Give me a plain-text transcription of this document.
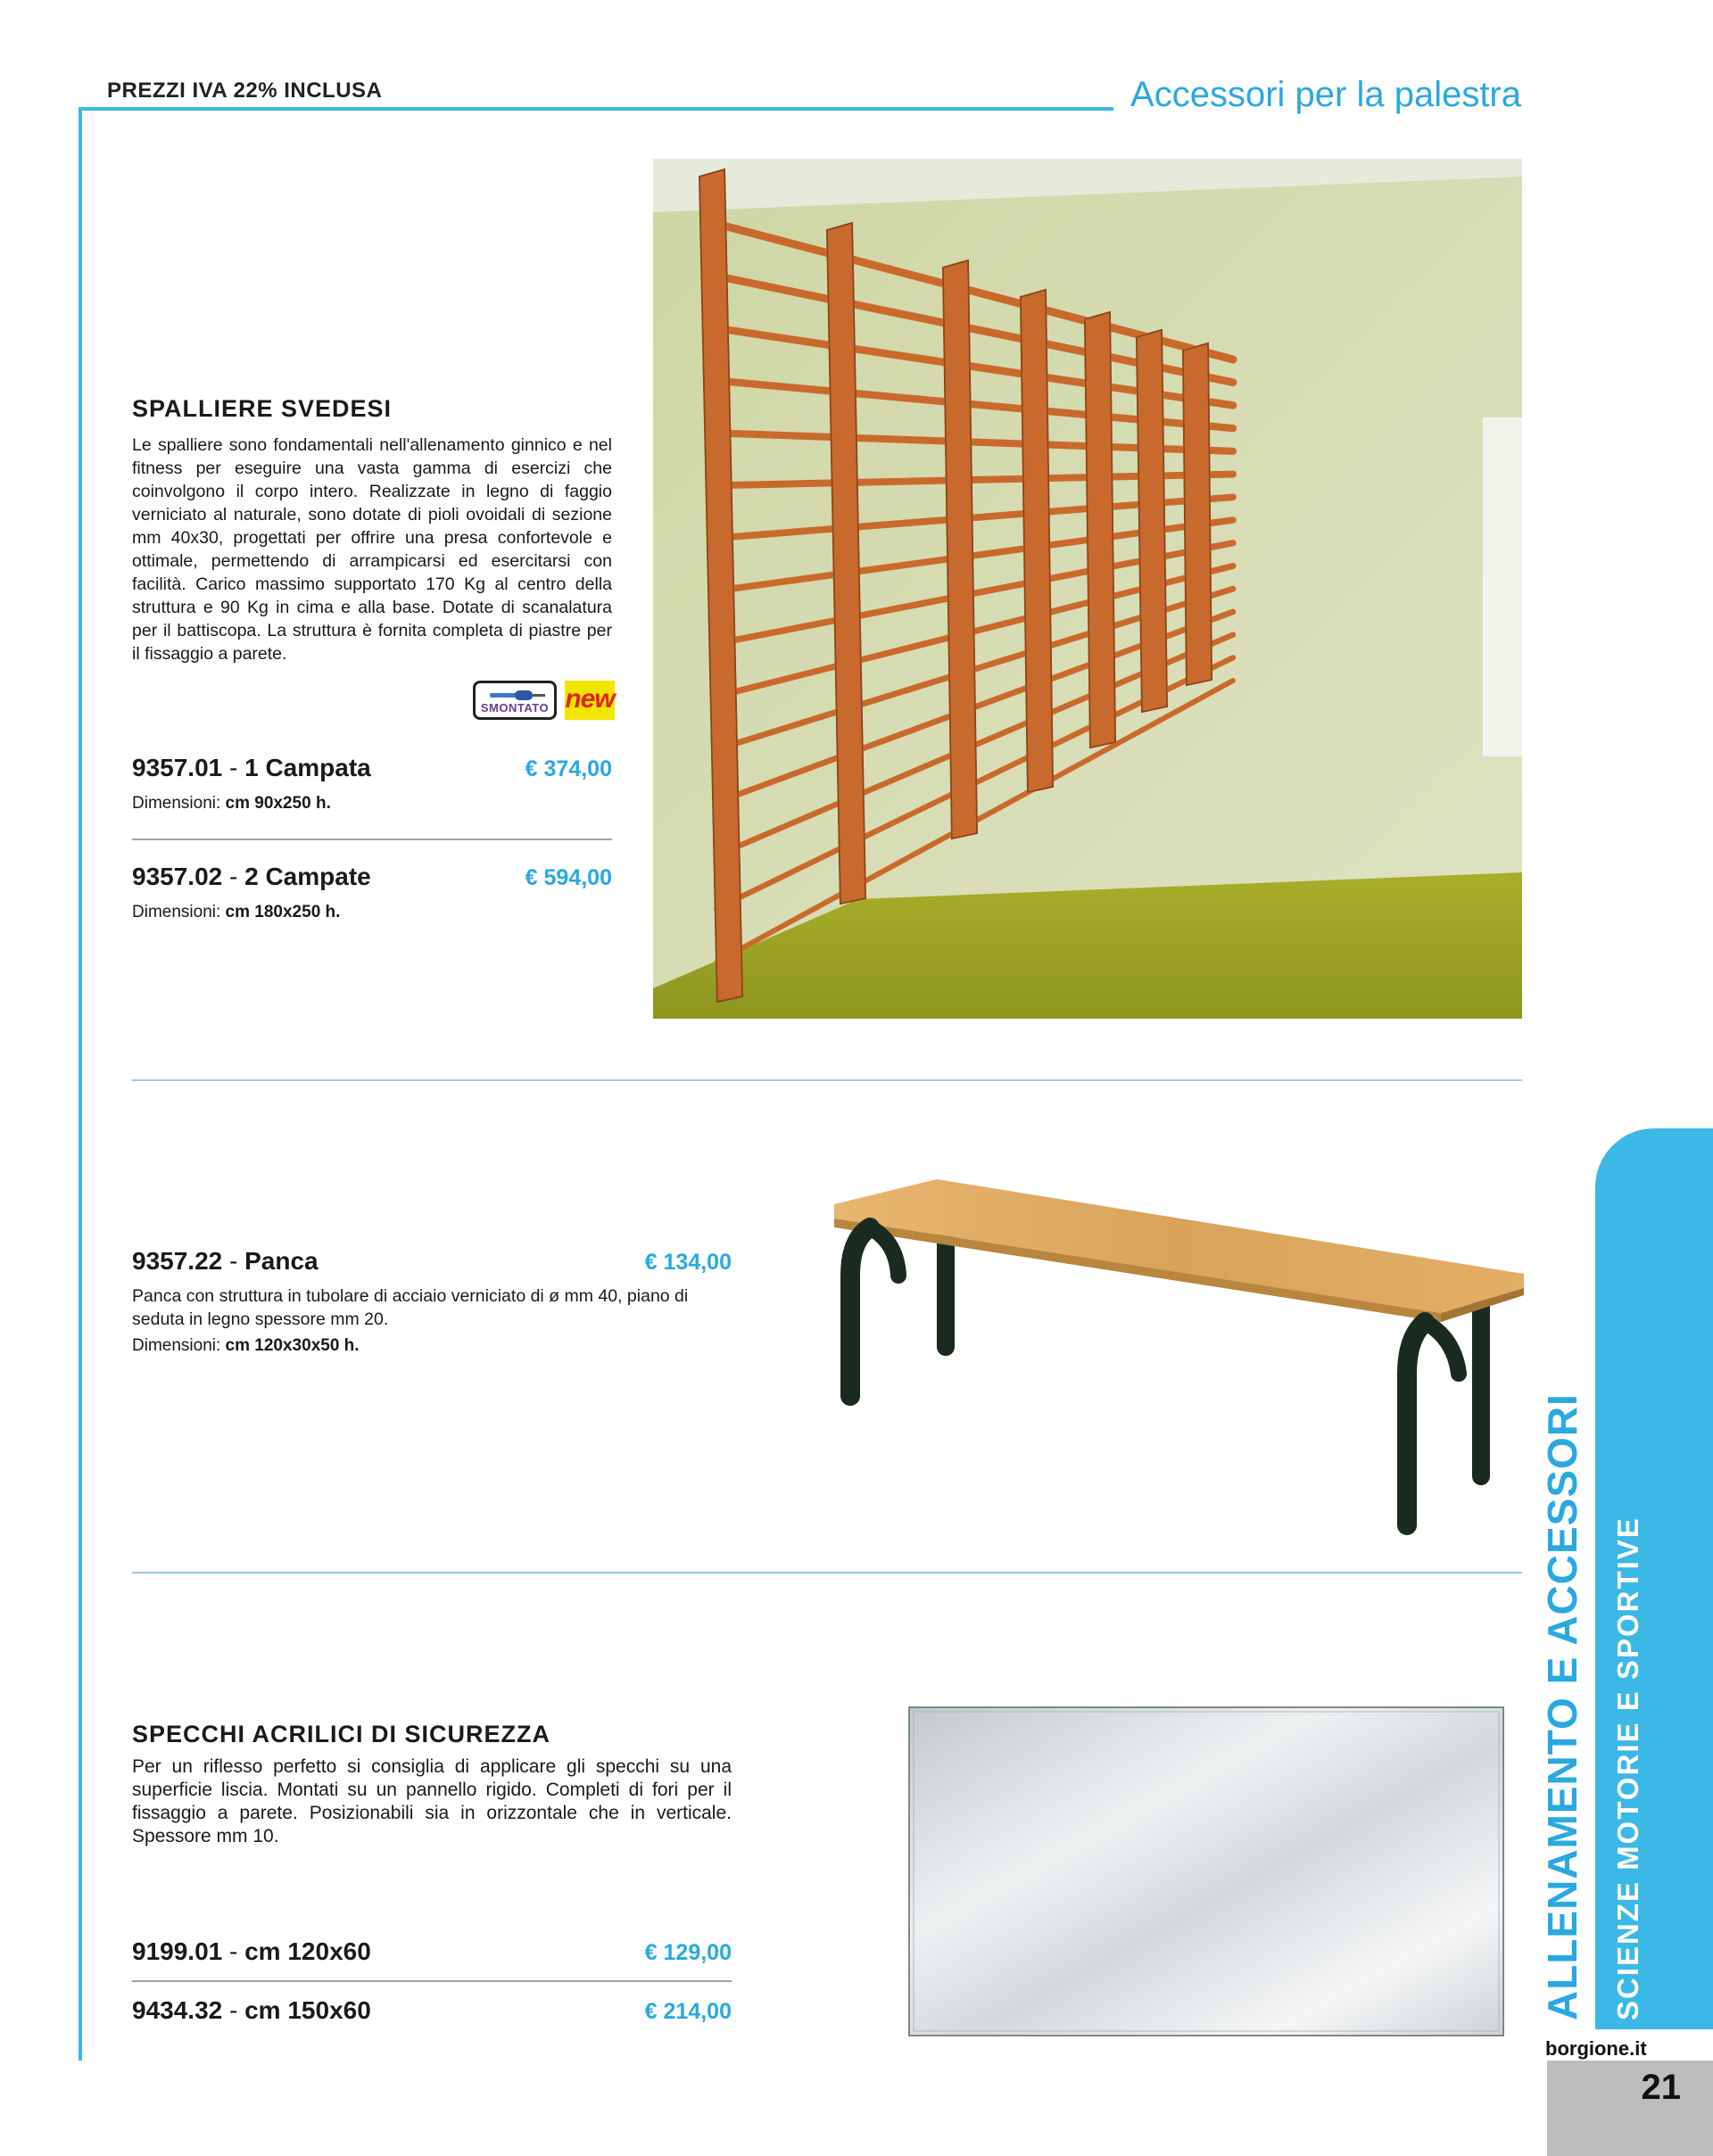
PREZZI IVA 22% INCLUSA	Accessori per la palestra
SPALLIERE SVEDESI
Le spalliere sono fondamentali nell'allenamento ginnico e nel fitness per eseguire una vasta gamma di esercizi che coinvolgono il corpo intero. Realizzate in legno di faggio verniciato al naturale, sono dotate di pioli ovoidali di sezione mm 40x30, progettati per offrire una presa confortevole e ottimale, permettendo di arrampicarsi ed esercitarsi con facilità. Carico massimo supportato 170 Kg al centro della struttura e 90 Kg in cima e alla base. Dotate di scanalatura per il battiscopa. La struttura è fornita completa di piastre per il fissaggio a parete.
SMONTATO new
9357.01 - 1 Campata	€ 374,00
Dimensioni: cm 90x250 h.
9357.02 - 2 Campate	€ 594,00
Dimensioni: cm 180x250 h.
9357.22 - Panca	€ 134,00
Panca con struttura in tubolare di acciaio verniciato di ø mm 40, piano di seduta in legno spessore mm 20.
Dimensioni: cm 120x30x50 h.
SPECCHI ACRILICI DI SICUREZZA
Per un riflesso perfetto si consiglia di applicare gli specchi su una superficie liscia. Montati su un pannello rigido. Completi di fori per il fissaggio a parete. Posizionabili sia in orizzontale che in verticale. Spessore mm 10.
9199.01 - cm 120x60	€ 129,00
9434.32 - cm 150x60	€ 214,00	ALLENAMENTO E ACCESSORI SCIENZE MOTORIE E SPORTIVE
borgione.it
21
